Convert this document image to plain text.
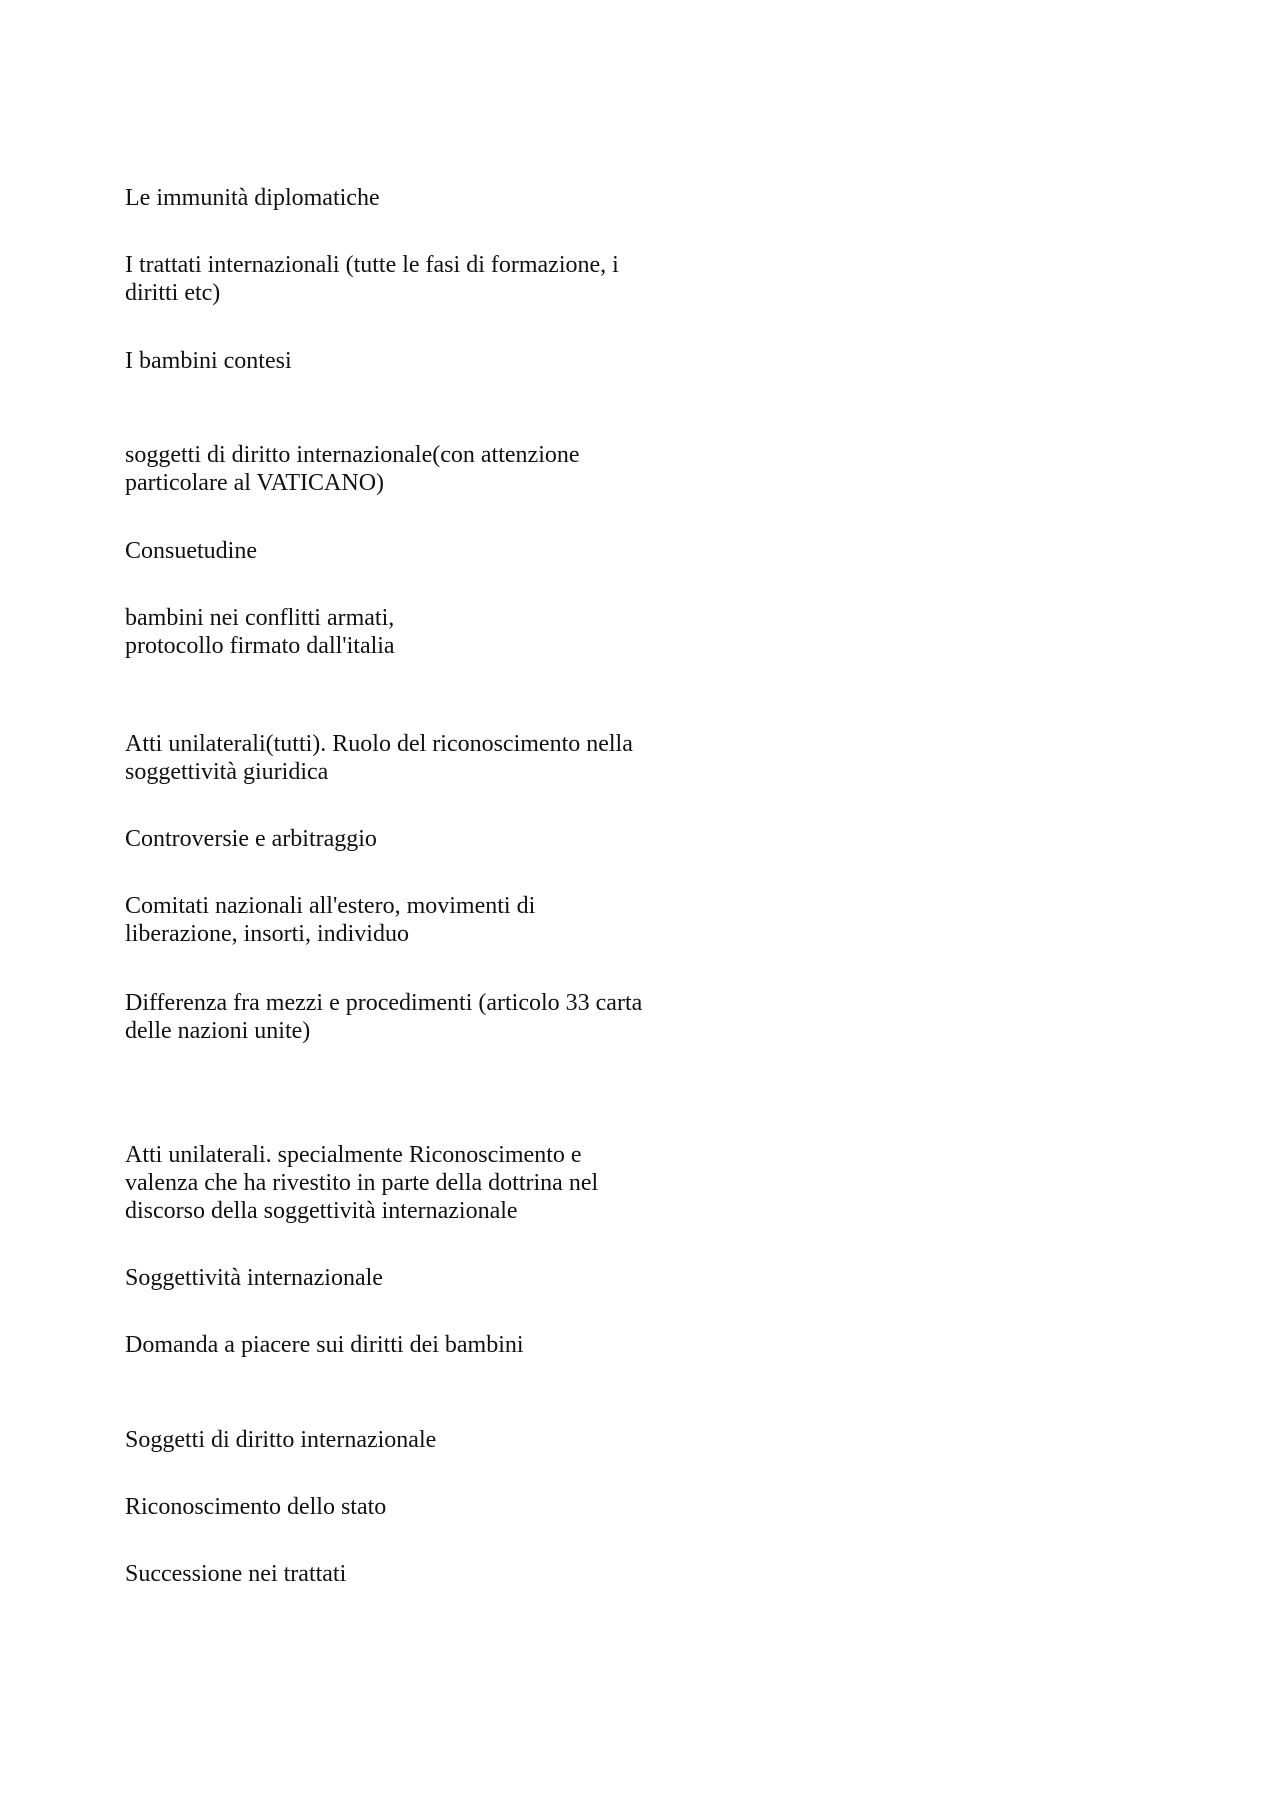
Le immunità diplomatiche

I trattati internazionali (tutte le fasi di formazione, i
diritti etc)

I bambini contesi

soggetti di diritto internazionale(con attenzione
particolare al VATICANO)

Consuetudine

bambini nei conflitti armati,
protocollo firmato dall'italia

Atti unilaterali(tutti). Ruolo del riconoscimento nella
soggettività giuridica

Controversie e arbitraggio

Comitati nazionali all'estero, movimenti di
liberazione, insorti, individuo

Differenza fra mezzi e procedimenti (articolo 33 carta
delle nazioni unite)

Atti unilaterali. specialmente Riconoscimento e
valenza che ha rivestito in parte della dottrina nel
discorso della soggettività internazionale

Soggettività internazionale

Domanda a piacere sui diritti dei bambini

Soggetti di diritto internazionale

Riconoscimento dello stato

Successione nei trattati
